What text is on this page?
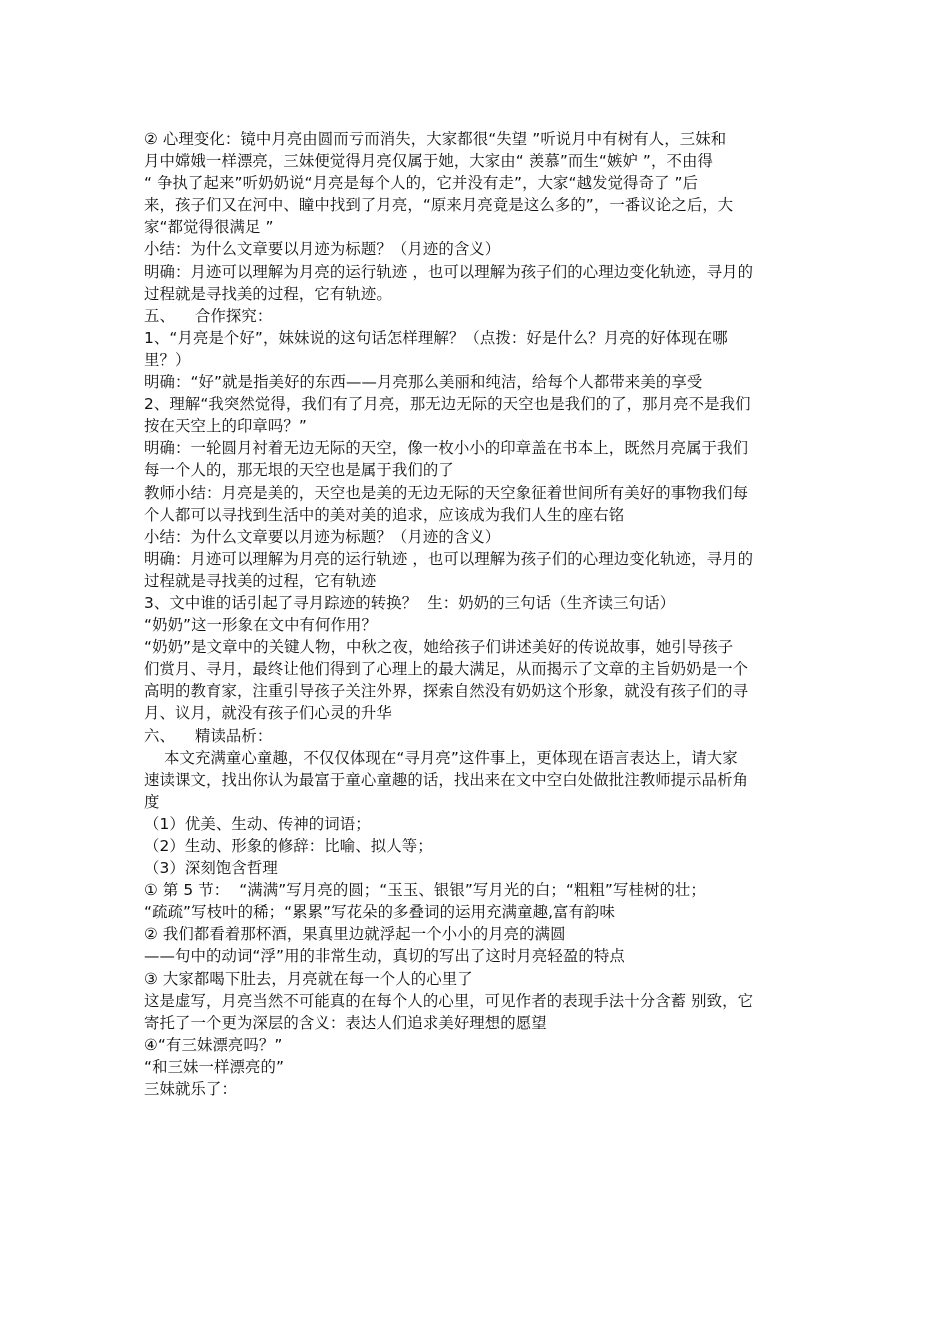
② 心理变化：镜中月亮由圆而亏而消失，大家都很“失望 ”听说月中有树有人，三妹和
月中嫦娥一样漂亮，三妹便觉得月亮仅属于她，大家由“ 羡慕”而生“嫉妒 ”，不由得
“ 争执了起来”听奶奶说“月亮是每个人的，它并没有走”，大家“越发觉得奇了 ”后
来，孩子们又在河中、瞳中找到了月亮，“原来月亮竟是这么多的”，一番议论之后，大
家“都觉得很满足 ”
小结：为什么文章要以月迹为标题？（月迹的含义）
明确：月迹可以理解为月亮的运行轨迹 ，也可以理解为孩子们的心理边变化轨迹，寻月的
过程就是寻找美的过程，它有轨迹。
五、    合作探究：
1、“月亮是个好”，妹妹说的这句话怎样理解？（点拨：好是什么？月亮的好体现在哪
里？）
明确：“好”就是指美好的东西——月亮那么美丽和纯洁，给每个人都带来美的享受
2、理解“我突然觉得，我们有了月亮，那无边无际的天空也是我们的了，那月亮不是我们
按在天空上的印章吗？”
明确：一轮圆月衬着无边无际的天空，像一枚小小的印章盖在书本上，既然月亮属于我们
每一个人的，那无垠的天空也是属于我们的了
教师小结：月亮是美的，天空也是美的无边无际的天空象征着世间所有美好的事物我们每
个人都可以寻找到生活中的美对美的追求，应该成为我们人生的座右铭
小结：为什么文章要以月迹为标题？（月迹的含义）
明确：月迹可以理解为月亮的运行轨迹 ，也可以理解为孩子们的心理边变化轨迹，寻月的
过程就是寻找美的过程，它有轨迹
3、文中谁的话引起了寻月踪迹的转换？  生：奶奶的三句话（生齐读三句话）
“奶奶”这一形象在文中有何作用？
“奶奶”是文章中的关键人物，中秋之夜，她给孩子们讲述美好的传说故事，她引导孩子
们赏月、寻月，最终让他们得到了心理上的最大满足，从而揭示了文章的主旨奶奶是一个
高明的教育家，注重引导孩子关注外界，探索自然没有奶奶这个形象，就没有孩子们的寻
月、议月，就没有孩子们心灵的升华
六、    精读品析：
本文充满童心童趣，不仅仅体现在“寻月亮”这件事上，更体现在语言表达上，请大家
速读课文，找出你认为最富于童心童趣的话，找出来在文中空白处做批注教师提示品析角
度
（1）优美、生动、传神的词语；
（2）生动、形象的修辞：比喻、拟人等；
（3）深刻饱含哲理
① 第 5 节：  “满满”写月亮的圆；“玉玉、银银”写月光的白；“粗粗”写桂树的壮；
“疏疏”写枝叶的稀；“累累”写花朵的多叠词的运用充满童趣,富有韵味
② 我们都看着那杯酒，果真里边就浮起一个小小的月亮的满圆
——句中的动词“浮”用的非常生动，真切的写出了这时月亮轻盈的特点
③ 大家都喝下肚去，月亮就在每一个人的心里了
这是虚写，月亮当然不可能真的在每个人的心里，可见作者的表现手法十分含蓄 别致，它
寄托了一个更为深层的含义：表达人们追求美好理想的愿望
④“有三妹漂亮吗？”
“和三妹一样漂亮的”
三妹就乐了：
